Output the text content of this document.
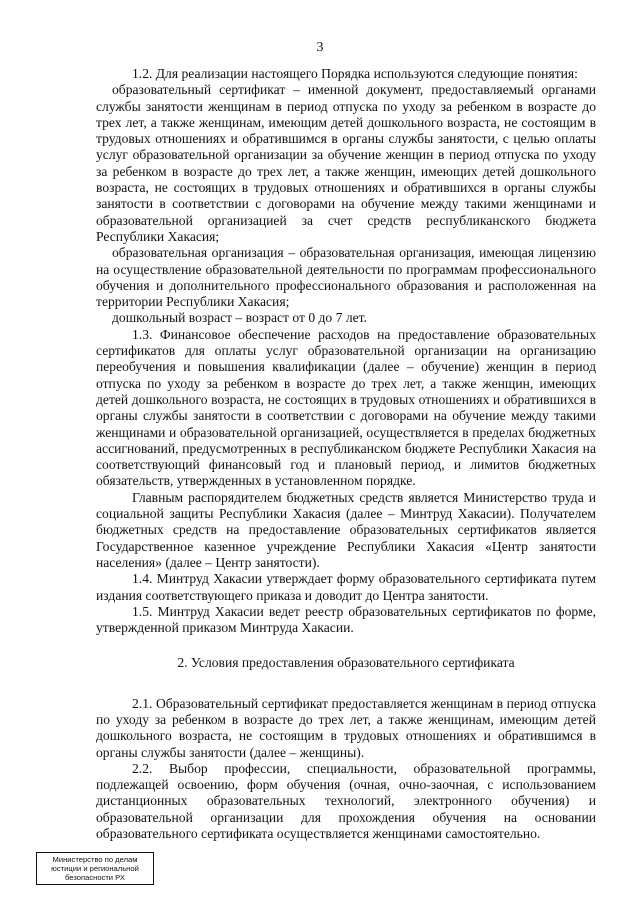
3

1.2. Для реализации настоящего Порядка используются следующие понятия:

образовательный сертификат – именной документ, предоставляемый органами службы занятости женщинам в период отпуска по уходу за ребенком в возрасте до трех лет, а также женщинам, имеющим детей дошкольного возраста, не состоящим в трудовых отношениях и обратившимся в органы службы занятости, с целью оплаты услуг образовательной организации за обучение женщин в период отпуска по уходу за ребенком в возрасте до трех лет, а также женщин, имеющих детей дошкольного возраста, не состоящих в трудовых отношениях и обратившихся в органы службы занятости в соответствии с договорами на обучение между такими женщинами и образовательной организацией за счет средств республиканского бюджета Республики Хакасия;

образовательная организация – образовательная организация, имеющая лицензию на осуществление образовательной деятельности по программам профессионального обучения и дополнительного профессионального образования и расположенная на территории Республики Хакасия;

дошкольный возраст – возраст от 0 до 7 лет.

1.3. Финансовое обеспечение расходов на предоставление образовательных сертификатов для оплаты услуг образовательной организации на организацию переобучения и повышения квалификации (далее – обучение) женщин в период отпуска по уходу за ребенком в возрасте до трех лет, а также женщин, имеющих детей дошкольного возраста, не состоящих в трудовых отношениях и обратившихся в органы службы занятости в соответствии с договорами на обучение между такими женщинами и образовательной организацией, осуществляется в пределах бюджетных ассигнований, предусмотренных в республиканском бюджете Республики Хакасия на соответствующий финансовый год и плановый период, и лимитов бюджетных обязательств, утвержденных в установленном порядке.

Главным распорядителем бюджетных средств является Министерство труда и социальной защиты Республики Хакасия (далее – Минтруд Хакасии). Получателем бюджетных средств на предоставление образовательных сертификатов является Государственное казенное учреждение Республики Хакасия «Центр занятости населения» (далее – Центр занятости).

1.4. Минтруд Хакасии утверждает форму образовательного сертификата путем издания соответствующего приказа и доводит до Центра занятости.

1.5. Минтруд Хакасии ведет реестр образовательных сертификатов по форме, утвержденной приказом Минтруда Хакасии.

2. Условия предоставления образовательного сертификата

2.1. Образовательный сертификат предоставляется женщинам в период отпуска по уходу за ребенком в возрасте до трех лет, а также женщинам, имеющим детей дошкольного возраста, не состоящим в трудовых отношениях и обратившимся в органы службы занятости (далее – женщины).

2.2. Выбор профессии, специальности, образовательной программы, подлежащей освоению, форм обучения (очная, очно-заочная, с использованием дистанционных образовательных технологий, электронного обучения) и образовательной организации для прохождения обучения на основании образовательного сертификата осуществляется женщинами самостоятельно.

Министерство по делам
юстиции и региональной
безопасности РХ
